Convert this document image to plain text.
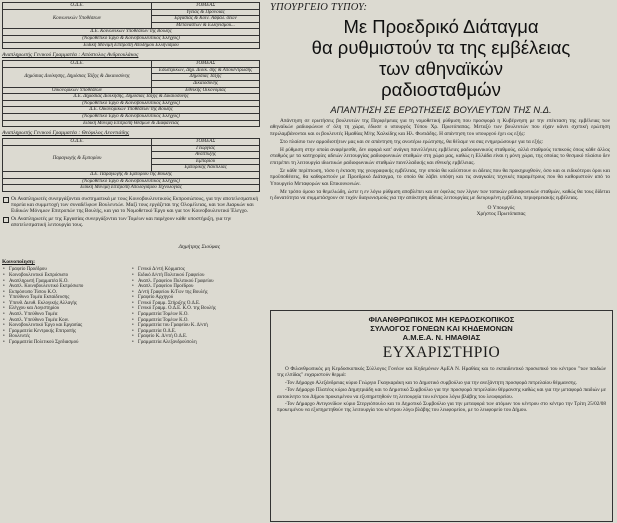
Ο.Δ.Ε.	ΤΟΜΕΑΣ
Κοινωνικών Υποθέσεων	Υγείας & Πρόνοιας
	Εργασίας & Κοιν. Ασφαλ. σεων
	Μεταναστών & Ελληνισμού...
Δ.Ε. Κοινωνικών Υποθέσεων της Βουλής	
(Νομοθετικό Έργο & Κοινοβουλευτικός Έλεγχος)	
Ειδική Μόνιμη Επιτροπή Απόδημου Ελληνισμού	
Αναπληρωτής Γενικού Γραμματέα : Απόστολος Ανδρεουλάκος
Ο.Δ.Ε.	ΤΟΜΕΑΣ
Δημόσιας Διοίκησης, Δημόσιας Τάξης & Δικαιοσύνης	Εσωτερικών, Δημ. Διοίκ. σης & Αποκέντρωσης
	Δημόσιας Τάξης
	Δικαιοσύνης
Οικονομικών Υποθέσεων	Εθνικής Οικονομίας
Δ.Ε. Δημόσιας Διοίκησης, Δημόσιας Τάξης & Δικαιοσύνης	
(Νομοθετικό Έργο & Κοινοβουλευτικός Έλεγχος)	
Δ.Ε. Οικονομικών Υποθέσεων της Βουλής	
(Νομοθετικό Έργο & Κοινοβουλευτικός Έλεγχος)	
Ειδική Μόνιμη Επιτροπή Θεσμών & Διαφάνειας	
Αναπληρωτής Γενικού Γραμματέα : Θεόφιλος Λεοντιάδης
Ο.Δ.Ε.	ΤΟΜΕΑΣ
Παραγωγής & Εμπορίου	Γεωργίας
	Ανάπτυξης
	Εμπορίου
	Εμπορικής Ναυτιλίας
Δ.Ε. Παραγωγής & Εμπορίου της Βουλής	
(Νομοθετικό Έργο & Κοινοβουλευτικός Έλεγχος)	
Ειδική Μόνιμη Επιτροπή Απολογισμού Τεχνολογίας	
Οι Αναπληρωτές συνεργάζονται συστηματικά με τους Κοινοβουλευτικούς Εκπροσώπους, για την αποτελεσματική πορεία και συμμετοχή των συναδέλφων Βουλευτών. Μαζί τους εργάζεται της Ολομέλειας, και των Διαρκών και Ειδικών Μόνιμων Επιτροπών της Βουλής, και για το Νομοθετικό Έργο και για τον Κοινοβουλευτικό Έλεγχο.
Οι Αναπληρωτές με της Εργασίας συνεργάζονται των Τομέων και παρέχουν κάθε υποστήριξη, για την αποτελεσματική λειτουργία τους.
Δημήτρης Σιούφας
Κοινοποίηση:
• Γραφείο Προέδρου
• Κοινοβουλευτικό Εκπρόσωπο
• Αναπληρωτή Γραμματέα Κ.Ο.
• Αναπλ. Κοινοβουλευτικό Εκπρόσωπο
• Εκπρόσωπο Τύπου Κ.Ο.
• Υπεύθυνο Τομέα Εκπαίδευσης
• Υπευθ. Διευθ. Εκλογικής Αλλαγής
• Ελέγχου και Λογιστηρίου
• Αναπλ. Υπεύθυνο Τομέα
• Αναπλ. Υπεύθυνο Τομέα Κοιν.
• Κοινοβουλευτικό Έργο και Εργασίας
• Γραμματεία Κεντρικής Επιτροπής
• Βουλευτές
• Γραμματεία Πολιτικού Σχεδιασμού
• Γενικό Δ/ντή Κόμματος
• Ειδικό Δ/ντή Πολιτικού Γραφείου
• Αναπλ. Γραφείου Πολιτικού Γραφείου
• Αναπλ. Γραφείου Προέδρου
• Δ/ντή Γραφείου Κ/Γων της Βουλής
• Γραφείο Αρχηγού
• Γενικό Γραμμ. Στήριξης Ο.Δ.Ε.
• Γενικό Γραμμ. Ο.Δ.Ε. Κ.Ο. της Βουλής
• Γραμματεία Τομέων Κ.Ο.
• Γραμματεία Τομέων Κ.Ο.
• Γραμματεία του Γραφείου Κ. Δ/ντή
• Γραμματεία Ο.Δ.Ε.
• Γραφείο Κ. Δ/ντή Ο.Δ.Ε.
• Γραμματεία Αλεξανδρούπολη
ΥΠΟΥΡΓΕΙΟ ΤΥΠΟΥ:
Με Προεδρικό Διάταγμα
θα ρυθμιστούν τα της εμβέλειας
των αθηναϊκών
ραδιοσταθμών
ΑΠΑΝΤΗΣΗ ΣΕ ΕΡΩΤΗΣΕΙΣ ΒΟΥΛΕΥΤΩΝ ΤΗΣ Ν.Δ.

Απάντηση σε ερωτήσεις βουλευτών της Περιφέρειας για τη νομοθετική ρύθμιση που προσφορά η Κυβέρνηση με την επέκταση της εμβέλειας των αθηναϊκών ραδιοφώνων σ' όλη τη χώρα, έδωσε ο υπουργός Τύπου Χρ. Πρωτόπαπας. Μεταξύ των βουλευτών που είχαν κάνει σχετική ερώτηση περιλαμβάνονται και οι βουλευτές Ημαθίας Μ/ης Χαλκίδης και Ηλ. Φωτιάδης. Η απάντηση του υπουργού έχει ως εξής:

Στο πλαίσιο των αρμοδιοτήτων μας και σε απάντηση της ανωτέρω ερώτησης, θα θέλαμε να σας ενημερώσουμε για τα εξής:

Η ρύθμιση στην οποία αναφέρεσθε, δεν αφορά κατ' ανάγκη πανελλήνιες εμβέλειες ραδιοφωνικούς σταθμούς, αλλά σταθμούς τοπικούς όπως κάθε άλλος σταθμός με τα κατηγορίες αδειών λειτουργίας ραδιοφωνικών σταθμών στη χώρα μας, καθώς η Ελλάδα είναι η μόνη χώρα, της οποίας το θεσμικό πλαίσιο δεν επιτρέπει τη λειτουργία ιδιωτικών ραδιοφωνικών σταθμών πανελλαδικής και εθνικής εμβέλειας.

Σε κάθε περίπτωση, τόσο η έκταση της γεωγραφικής εμβέλειας, την οποία θα καλύπτουν οι άδειες που θα προκηρυχθούν, όσο και οι ειδικότεροι όροι και προϋποθέσεις, θα καθοριστούν με Προεδρικό Διάταγμα, το οποίο θα λάβει υπόψη και τις αναγκαίες τεχνικές παραμέτρους που θα καθοριστούν από το Υπουργείο Μεταφορών και Επικοινωνιών.

Με τρόπο όμοιο τα θεμελιώδη, ώστε η εν λόγω ρύθμιση αποβλέπει και σε όφελος των λίγων των τοπικών ραδιοφωνικών σταθμών, καθώς θα τους δίδεται η δυνατότητα να συμμετάσχουν σε τυχόν διαγωνισμούς για την απόκτηση άδειας λειτουργίας με διευρυμένη εμβέλεια, περιφερειακής εμβέλειας.

Ο Υπουργός
Χρήστος Πρωτόπαπας
ΦΙΛΑΝΘΡΩΠΙΚΟΣ ΜΗ ΚΕΡΔΟΣΚΟΠΙΚΟΣ
ΣΥΛΛΟΓΟΣ ΓΟΝΕΩΝ ΚΑΙ ΚΗΔΕΜΟΝΩΝ
Α.Μ.Ε.Α. Ν. ΗΜΑΘΙΑΣ
ΕΥΧΑΡΙΣΤΗΡΙΟ

Ο Φιλανθρωπικός μη Κερδοσκοπικός Σύλλογος Γονέων και Κηδεμόνων ΑμΕΑ Ν. Ημαθίας και το εκπαιδευτικό προσωπικό του κέντρου "των παιδιών της ελπίδας" ευχαριστούν θερμά:

-Τον Δήμαρχο Αλεξάνδρειας κύριο Γεώργιο Γκαγκαράκη και το Δημοτικό συμβούλιο για την ανεξάντητη προσφορά πετρελαίου θέρμανσης.

-Τον Δήμαρχο Πλατέος κύριο Δημητριάδη και το Δημοτικό Συμβούλιο για την προσφορά πετρελαίου θέρμανσης καθώς και για την μεταφορά παιδιών με αυτοκίνητο του Δήμου προκειμένου να εξυπηρετηθούν τη λειτουργία του κέντρου λόγω βλάβης του λεωφορείου.

-Τον Δήμαρχο Αντιγονίδων κύριο Στεργιόπουλο και το Δημοτικό Συμβούλιο για την μεταφορά των ατόμων του κέντρου στο κέντρο την Τρίτη 25/02/08 προκειμένου να εξυπηρετηθούν της λειτουργία του κέντρου λόγω βλάβης του λεωφορείου, με το λεωφορείο του Δήμου.
